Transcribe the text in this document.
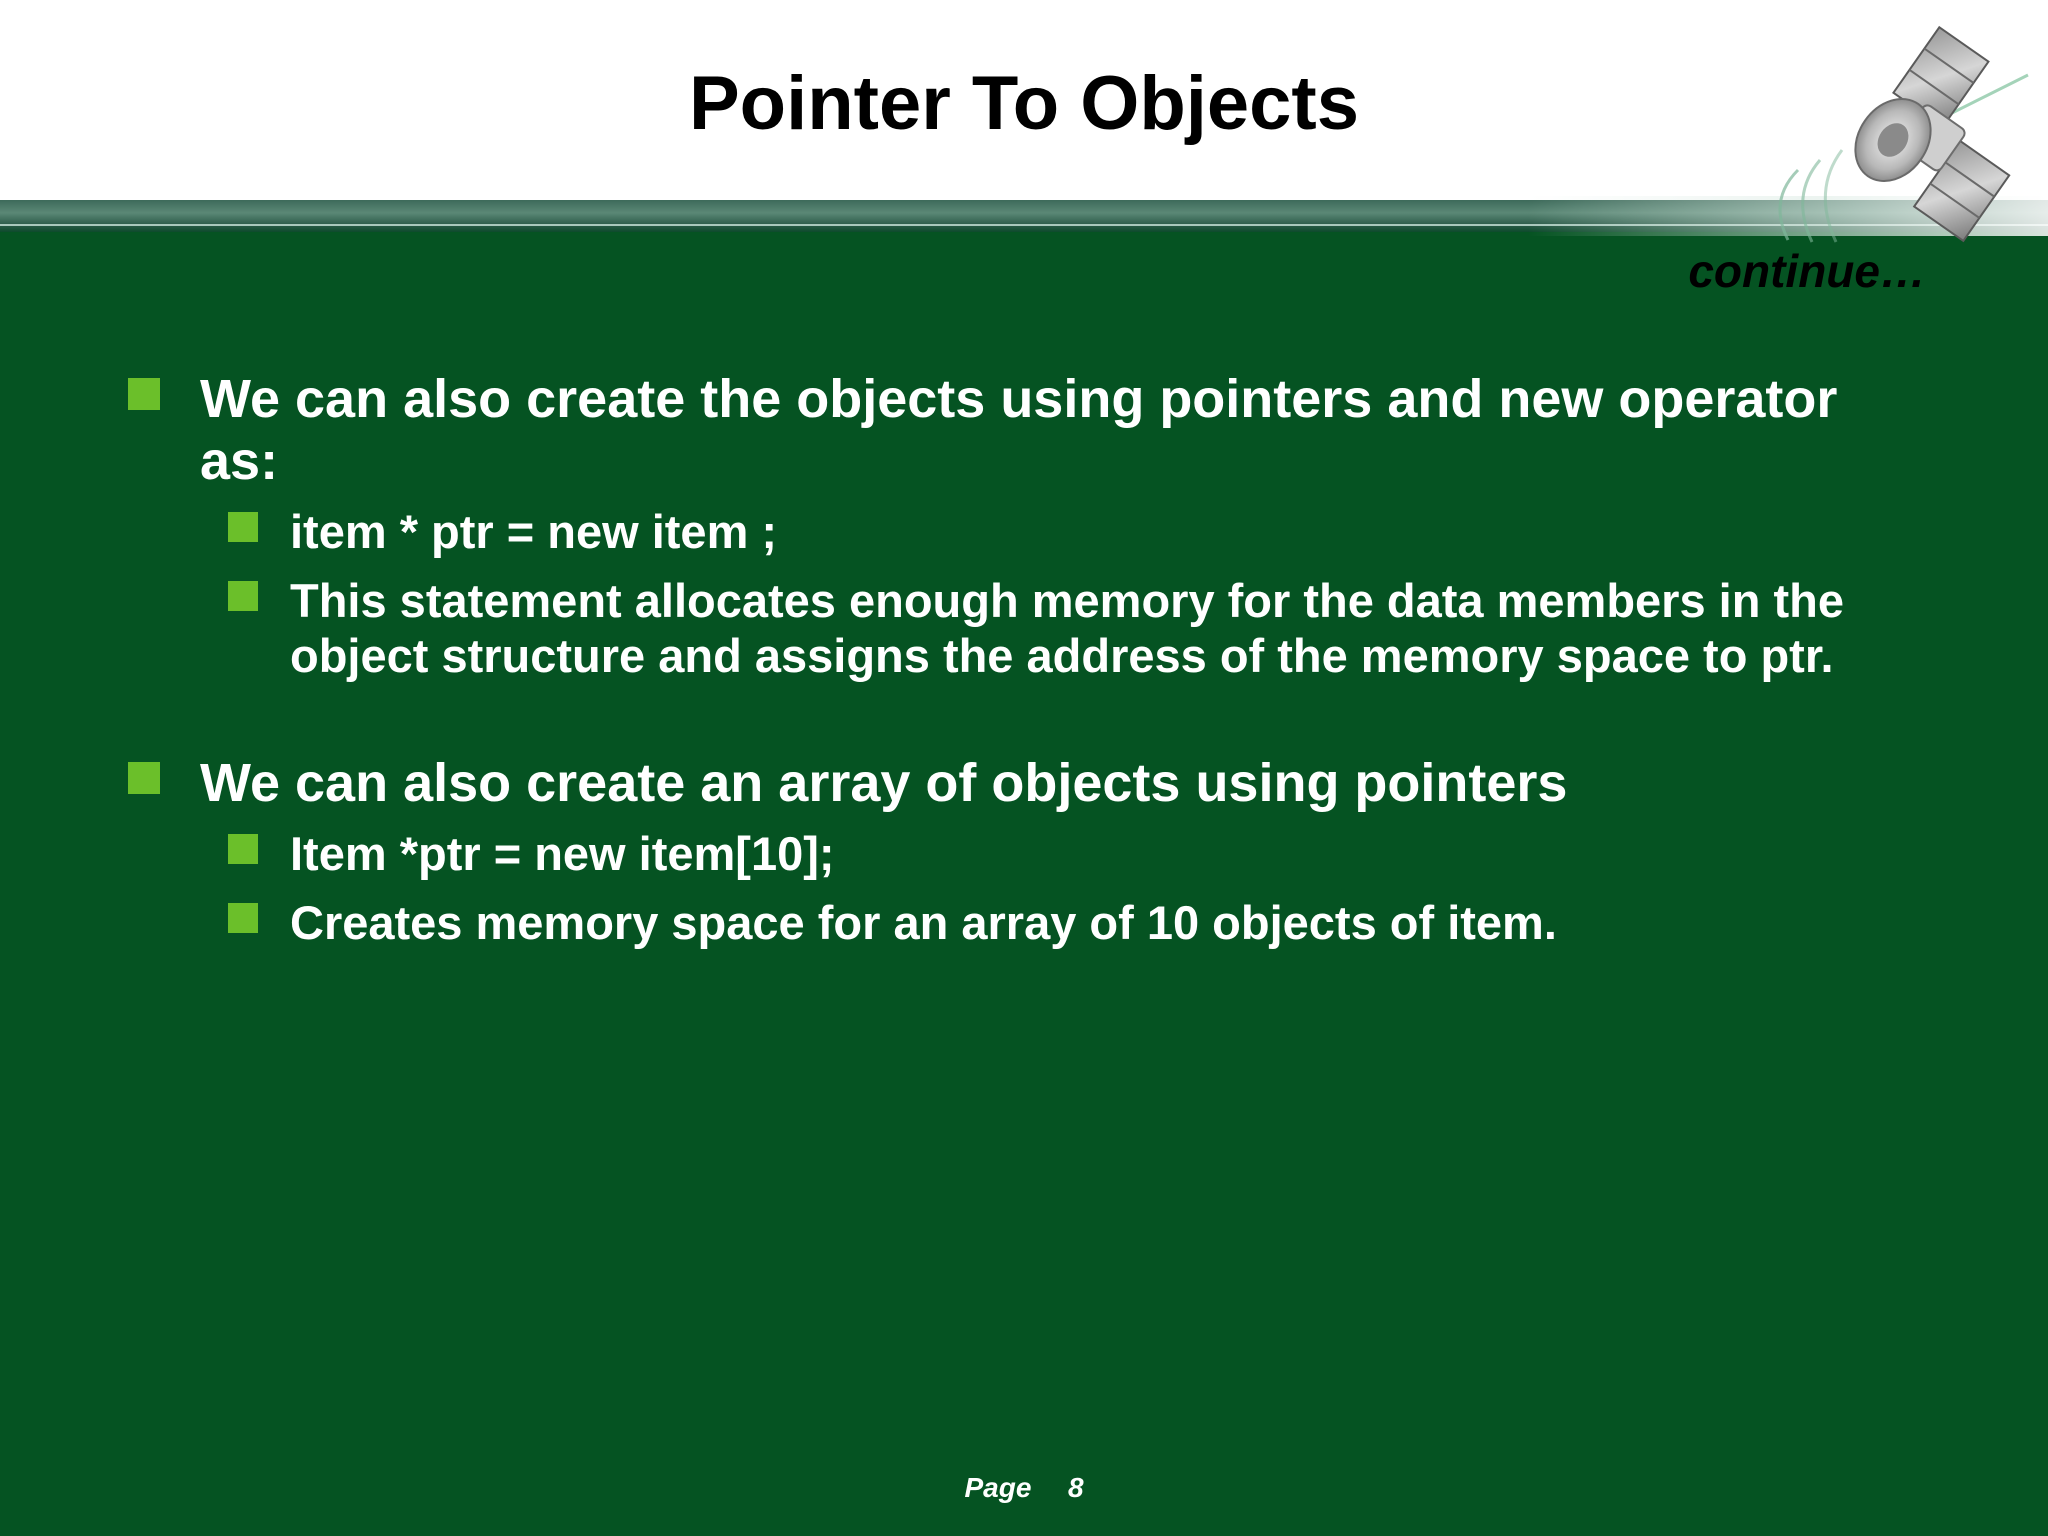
Pointer To Objects
continue…
We can also create the objects using pointers and new operator as:
item * ptr = new item ;
This statement allocates enough memory for the data members in the object structure and assigns the address of the memory space to ptr.
We can also create an array of objects using pointers
Item *ptr = new item[10];
Creates memory space for an array of 10 objects of item.
Page   8
